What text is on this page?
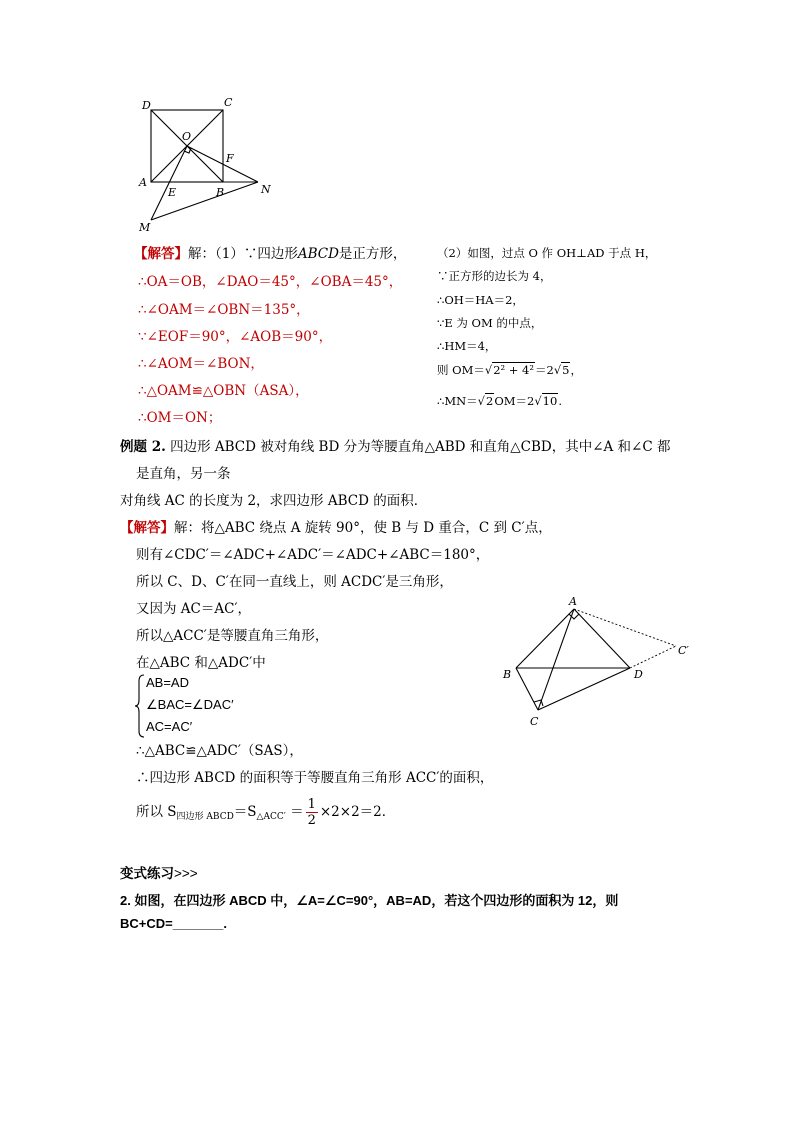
D	C
O
F
A
E	B	N
M
【解答】解：（1）∵四边形ABCD是正方形，
∴OA＝OB，∠DAO＝45°，∠OBA＝45°，
∴∠OAM＝∠OBN＝135°，
∵∠EOF＝90°，∠AOB＝90°，
∴∠AOM＝∠BON，
∴△OAM≌△OBN（ASA），
∴OM＝ON；
（2）如图，过点 O 作 OH⊥AD 于点 H，
∵正方形的边长为 4，
∴OH＝HA＝2，
∵E 为 OM 的中点，
∴HM＝4，
则 OM＝√2² + 4²＝2√5，
∴MN＝√2OM＝2√10.
例题 2. 四边形 ABCD 被对角线 BD 分为等腰直角△ABD 和直角△CBD，其中∠A 和∠C 都
是直角，另一条
对角线 AC 的长度为 2，求四边形 ABCD 的面积．
【解答】解：将△ABC 绕点 A 旋转 90°，使 B 与 D 重合，C 到 C′点，
则有∠CDC′＝∠ADC+∠ADC′＝∠ADC+∠ABC＝180°，
所以 C、D、C′在同一直线上，则 ACDC′是三角形，
又因为 AC＝AC′，
所以△ACC′是等腰直角三角形，
在△ABC 和△ADC′中
AB=AD
∠BAC=∠DAC′
AC=AC′
∴△ABC≌△ADC′（SAS），
∴四边形 ABCD 的面积等于等腰直角三角形 ACC′的面积，
所以 $S_{四边形 ABCD}=S_{\triangle ACC'} = \frac{1}{2} \times 2\times 2=2$．
A
B
C
D
C′
变式练习>>>
2. 如图，在四边形 ABCD 中，∠A=∠C=90°，AB=AD，若这个四边形的面积为 12，则
BC+CD=_______.
